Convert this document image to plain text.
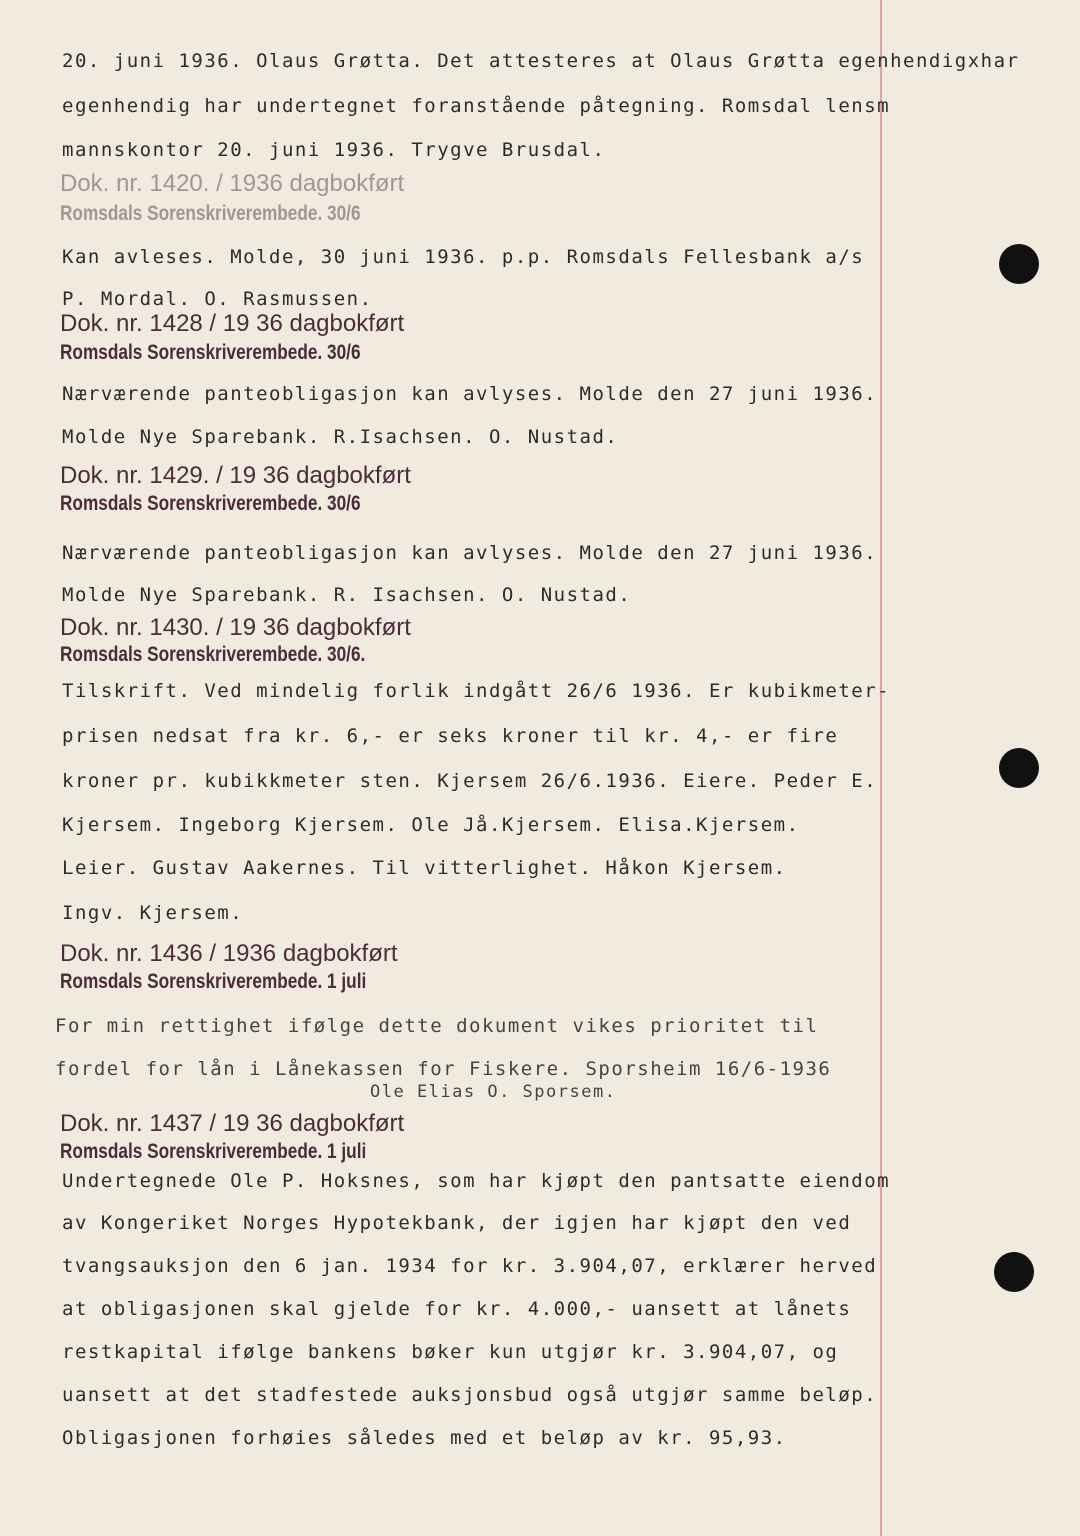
20. juni 1936. Olaus Grøtta. Det attesteres at Olaus Grøtta egenhendigxhar
egenhendig har undertegnet foranstående påtegning. Romsdal lensm
mannskontor 20. juni 1936. Trygve Brusdal.
Dok. nr. 1420. / 1936 dagbokført
Romsdals Sorenskriverembede. 30/6
Kan avleses. Molde, 30 juni 1936. p.p. Romsdals Fellesbank a/s
P. Mordal. O. Rasmussen.
Dok. nr. 1428 / 19 36 dagbokført
Romsdals Sorenskriverembede. 30/6
Nærværende panteobligasjon kan avlyses. Molde den 27 juni 1936.
Molde Nye Sparebank. R.Isachsen. O. Nustad.
Dok. nr. 1429. / 19 36 dagbokført
Romsdals Sorenskriverembede. 30/6
Nærværende panteobligasjon kan avlyses. Molde den 27 juni 1936.
Molde Nye Sparebank. R. Isachsen. O. Nustad.
Dok. nr. 1430. / 19 36 dagbokført
Romsdals Sorenskriverembede. 30/6.
Tilskrift. Ved mindelig forlik indgått 26/6 1936. Er kubikmeter-
prisen nedsat fra kr. 6,- er seks kroner til kr. 4,- er fire
kroner pr. kubikkmeter sten. Kjersem 26/6.1936. Eiere. Peder E.
Kjersem. Ingeborg Kjersem. Ole Jå.Kjersem. Elisa.Kjersem.
Leier. Gustav Aakernes. Til vitterlighet. Håkon Kjersem.
Ingv. Kjersem.
Dok. nr. 1436 / 1936 dagbokført
Romsdals Sorenskriverembede. 1 juli
For min rettighet ifølge dette dokument vikes prioritet til
fordel for lån i Lånekassen for Fiskere. Sporsheim 16/6-1936
Ole Elias O. Sporsem.
Dok. nr. 1437 / 19 36 dagbokført
Romsdals Sorenskriverembede. 1 juli
Undertegnede Ole P. Hoksnes, som har kjøpt den pantsatte eiendom
av Kongeriket Norges Hypotekbank, der igjen har kjøpt den ved
tvangsauksjon den 6 jan. 1934 for kr. 3.904,07, erklærer herved
at obligasjonen skal gjelde for kr. 4.000,- uansett at lånets
restkapital ifølge bankens bøker kun utgjør kr. 3.904,07, og
uansett at det stadfestede auksjonsbud også utgjør samme beløp.
Obligasjonen forhøies således med et beløp av kr. 95,93.
